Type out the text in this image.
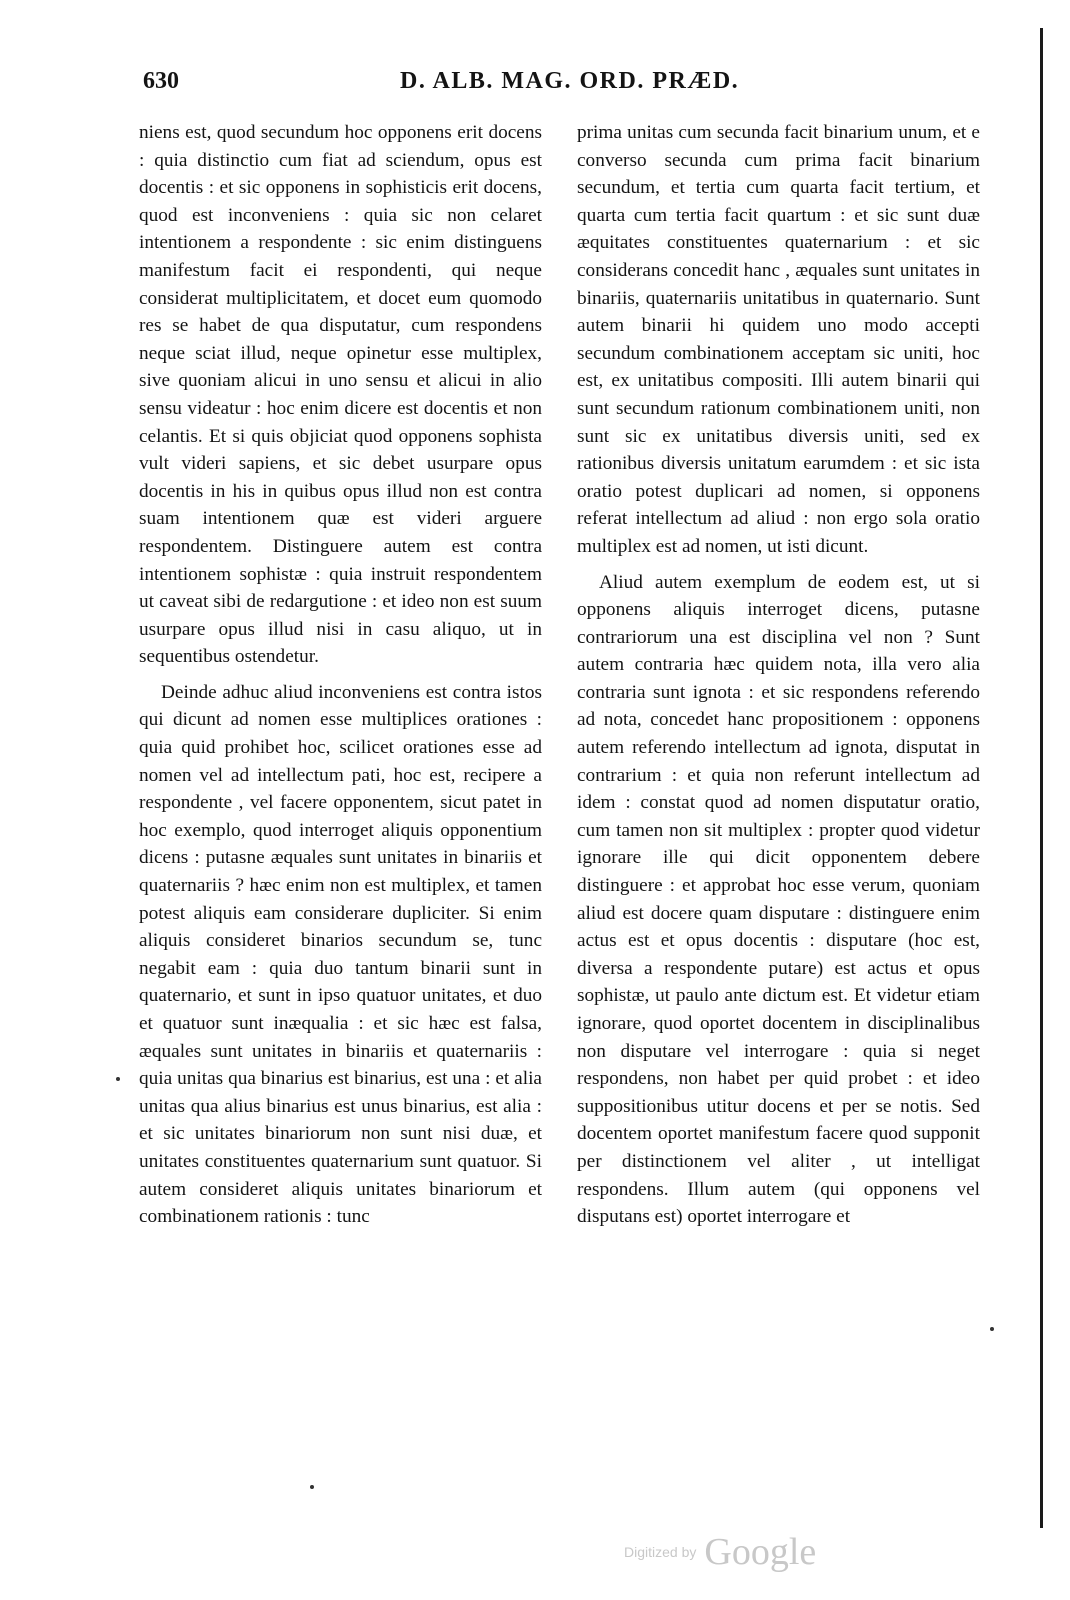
630	D. ALB. MAG. ORD. PRÆD.

niens est, quod secundum hoc opponens erit docens : quia distinctio cum fiat ad sciendum, opus est docentis : et sic opponens in sophisticis erit docens, quod est inconveniens : quia sic non celaret intentionem a respondente : sic enim distinguens manifestum facit ei respondenti, qui neque considerat multiplicitatem, et docet eum quomodo res se habet de qua disputatur, cum respondens neque sciat illud, neque opinetur esse multiplex, sive quoniam alicui in uno sensu et alicui in alio sensu videatur : hoc enim dicere est docentis et non celantis. Et si quis objiciat quod opponens sophista vult videri sapiens, et sic debet usurpare opus docentis in his in quibus opus illud non est contra suam intentionem quæ est videri arguere respondentem. Distinguere autem est contra intentionem sophistæ : quia instruit respondentem ut caveat sibi de redargutione : et ideo non est suum usurpare opus illud nisi in casu aliquo, ut in sequentibus ostendetur.

Deinde adhuc aliud inconveniens est contra istos qui dicunt ad nomen esse multiplices orationes : quia quid prohibet hoc, scilicet orationes esse ad nomen vel ad intellectum pati, hoc est, recipere a respondente , vel facere opponentem, sicut patet in hoc exemplo, quod interroget aliquis opponentium dicens : putasne æquales sunt unitates in binariis et quaternariis ? hæc enim non est multiplex, et tamen potest aliquis eam considerare dupliciter. Si enim aliquis consideret binarios secundum se, tunc negabit eam : quia duo tantum binarii sunt in quaternario, et sunt in ipso quatuor unitates, et duo et quatuor sunt inæqualia : et sic hæc est falsa, æquales sunt unitates in binariis et quaternariis : quia unitas qua binarius est binarius, est una : et alia unitas qua alius binarius est unus binarius, est alia : et sic unitates binariorum non sunt nisi duæ, et unitates constituentes quaternarium sunt quatuor. Si autem consideret aliquis unitates binariorum et combinationem rationis : tunc

prima unitas cum secunda facit binarium unum, et e converso secunda cum prima facit binarium secundum, et tertia cum quarta facit tertium, et quarta cum tertia facit quartum : et sic sunt duæ æquitates constituentes quaternarium : et sic considerans concedit hanc , æquales sunt unitates in binariis, quaternariis unitatibus in quaternario. Sunt autem binarii hi quidem uno modo accepti secundum combinationem acceptam sic uniti, hoc est, ex unitatibus compositi. Illi autem binarii qui sunt secundum rationum combinationem uniti, non sunt sic ex unitatibus diversis uniti, sed ex rationibus diversis unitatum earumdem : et sic ista oratio potest duplicari ad nomen, si opponens referat intellectum ad aliud : non ergo sola oratio multiplex est ad nomen, ut isti dicunt.

Aliud autem exemplum de eodem est, ut si opponens aliquis interroget dicens, putasne contrariorum una est disciplina vel non ? Sunt autem contraria hæc quidem nota, illa vero alia contraria sunt ignota : et sic respondens referendo ad nota, concedet hanc propositionem : opponens autem referendo intellectum ad ignota, disputat in contrarium : et quia non referunt intellectum ad idem : constat quod ad nomen disputatur oratio, cum tamen non sit multiplex : propter quod videtur ignorare ille qui dicit opponentem debere distinguere : et approbat hoc esse verum, quoniam aliud est docere quam disputare : distinguere enim actus est et opus docentis : disputare (hoc est, diversa a respondente putare) est actus et opus sophistæ, ut paulo ante dictum est. Et videtur etiam ignorare, quod oportet docentem in disciplinalibus non disputare vel interrogare : quia si neget respondens, non habet per quid probet : et ideo suppositionibus utitur docens et per se notis. Sed docentem oportet manifestum facere quod supponit per distinctionem vel aliter , ut intelligat respondens. Illum autem (qui opponens vel disputans est) oportet interrogare et

Digitized by Google
